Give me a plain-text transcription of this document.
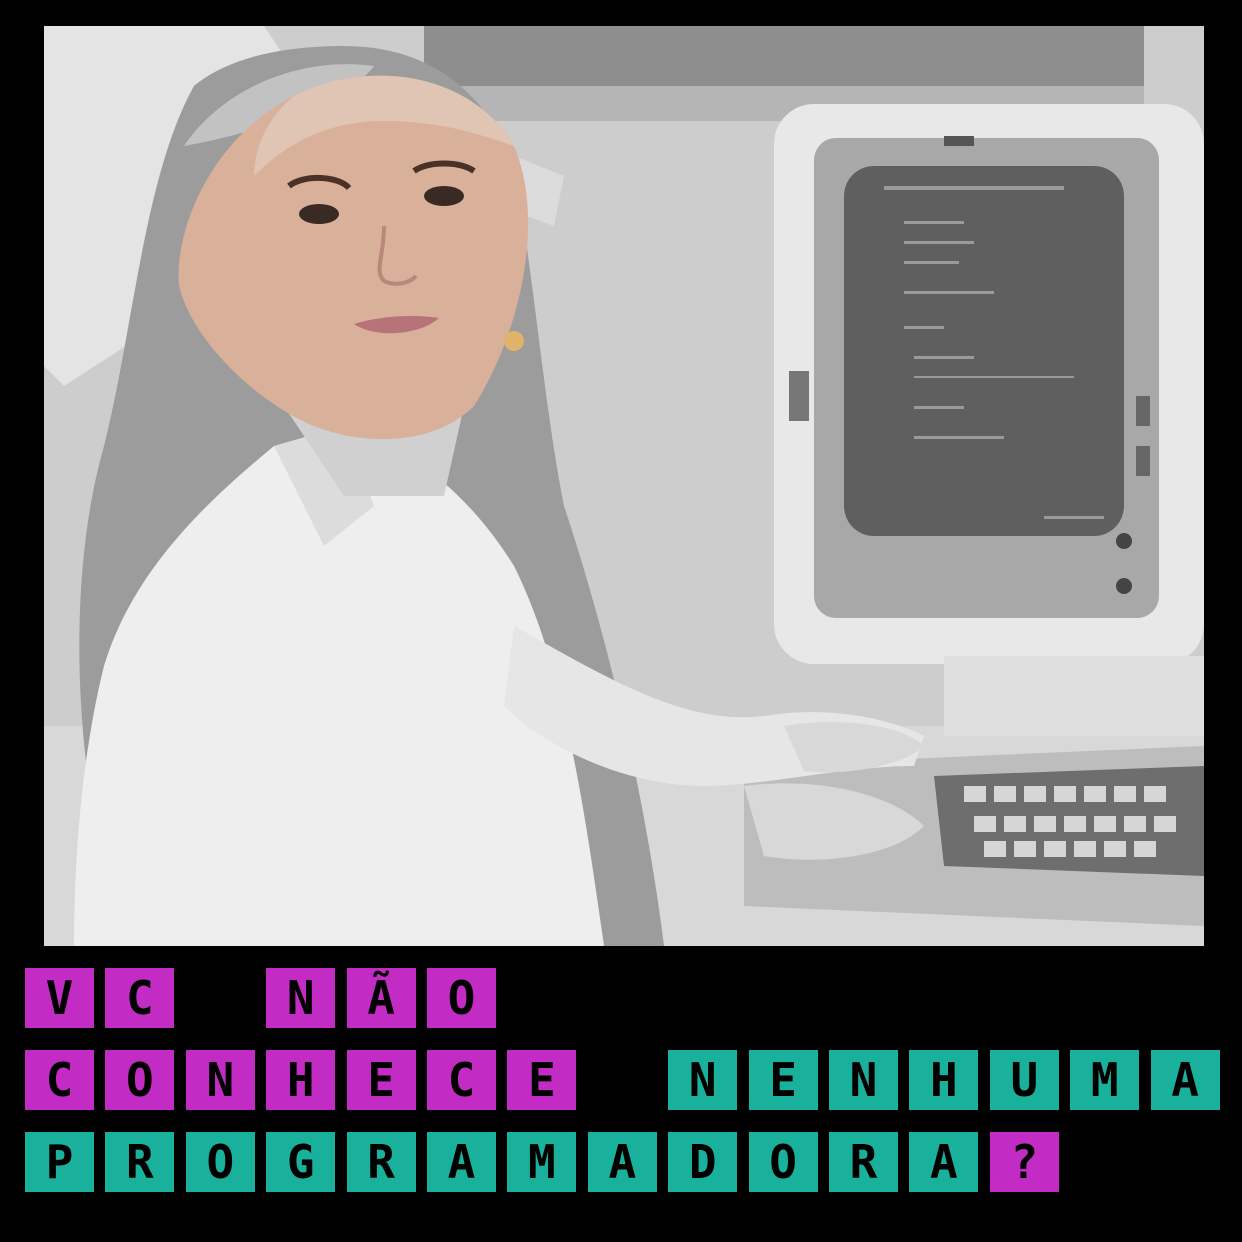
V	C	N	Ã	O
C	O	N	H	E	C	E	N	E	N	H	U	M	A
P	R	O	G	R	A	M	A	D	O	R	A	?
